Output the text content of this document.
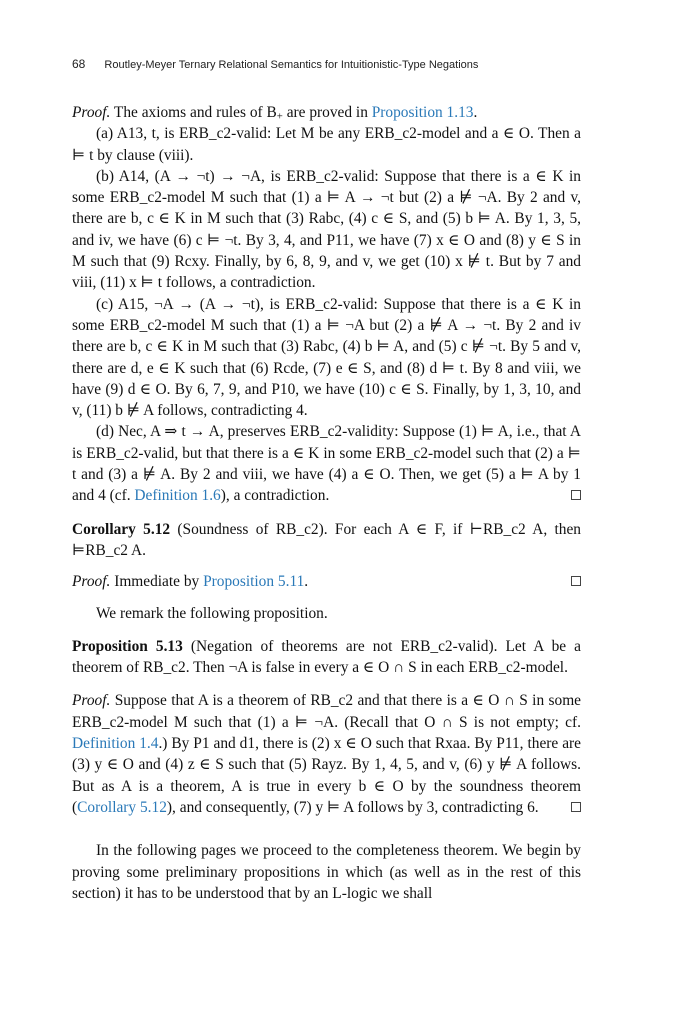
68 Routley-Meyer Ternary Relational Semantics for Intuitionistic-Type Negations

Proof. The axioms and rules of $B_+$ are proved in Proposition 1.13.

(a) A13, t, is ERB_c2-valid: Let M be any ERB_c2-model and a ∈ O. Then a ⊨ t by clause (viii).

(b) A14, (A → ¬t) → ¬A, is ERB_c2-valid: Suppose that there is a ∈ K in some ERB_c2-model M such that (1) a ⊨ A → ¬t but (2) a ⊭ ¬A. By 2 and v, there are b, c ∈ K in M such that (3) Rabc, (4) c ∈ S, and (5) b ⊨ A. By 1, 3, 5, and iv, we have (6) c ⊨ ¬t. By 3, 4, and P11, we have (7) x ∈ O and (8) y ∈ S in M such that (9) Rcxy. Finally, by 6, 8, 9, and v, we get (10) x ⊭ t. But by 7 and viii, (11) x ⊨ t follows, a contradiction.

(c) A15, ¬A → (A → ¬t), is ERB_c2-valid: Suppose that there is a ∈ K in some ERB_c2-model M such that (1) a ⊨ ¬A but (2) a ⊭ A → ¬t. By 2 and iv there are b, c ∈ K in M such that (3) Rabc, (4) b ⊨ A, and (5) c ⊭ ¬t. By 5 and v, there are d, e ∈ K such that (6) Rcde, (7) e ∈ S, and (8) d ⊨ t. By 8 and viii, we have (9) d ∈ O. By 6, 7, 9, and P10, we have (10) c ∈ S. Finally, by 1, 3, 10, and v, (11) b ⊭ A follows, contradicting 4.

(d) Nec, A ⇒ t → A, preserves ERB_c2-validity: Suppose (1) ⊨ A, i.e., that A is ERB_c2-valid, but that there is a ∈ K in some ERB_c2-model such that (2) a ⊨ t and (3) a ⊭ A. By 2 and viii, we have (4) a ∈ O. Then, we get (5) a ⊨ A by 1 and 4 (cf. Definition 1.6), a contradiction.

Corollary 5.12 (Soundness of RB_c2). For each A ∈ F, if ⊢RB_c2 A, then ⊨RB_c2 A.

Proof. Immediate by Proposition 5.11.

We remark the following proposition.

Proposition 5.13 (Negation of theorems are not ERB_c2-valid). Let A be a theorem of RB_c2. Then ¬A is false in every a ∈ O ∩ S in each ERB_c2-model.

Proof. Suppose that A is a theorem of RB_c2 and that there is a ∈ O ∩ S in some ERB_c2-model M such that (1) a ⊨ ¬A. (Recall that O ∩ S is not empty; cf. Definition 1.4.) By P1 and d1, there is (2) x ∈ O such that Rxaa. By P11, there are (3) y ∈ O and (4) z ∈ S such that (5) Rayz. By 1, 4, 5, and v, (6) y ⊭ A follows. But as A is a theorem, A is true in every b ∈ O by the soundness theorem (Corollary 5.12), and consequently, (7) y ⊨ A follows by 3, contradicting 6.

In the following pages we proceed to the completeness theorem. We begin by proving some preliminary propositions in which (as well as in the rest of this section) it has to be understood that by an L-logic we shall
